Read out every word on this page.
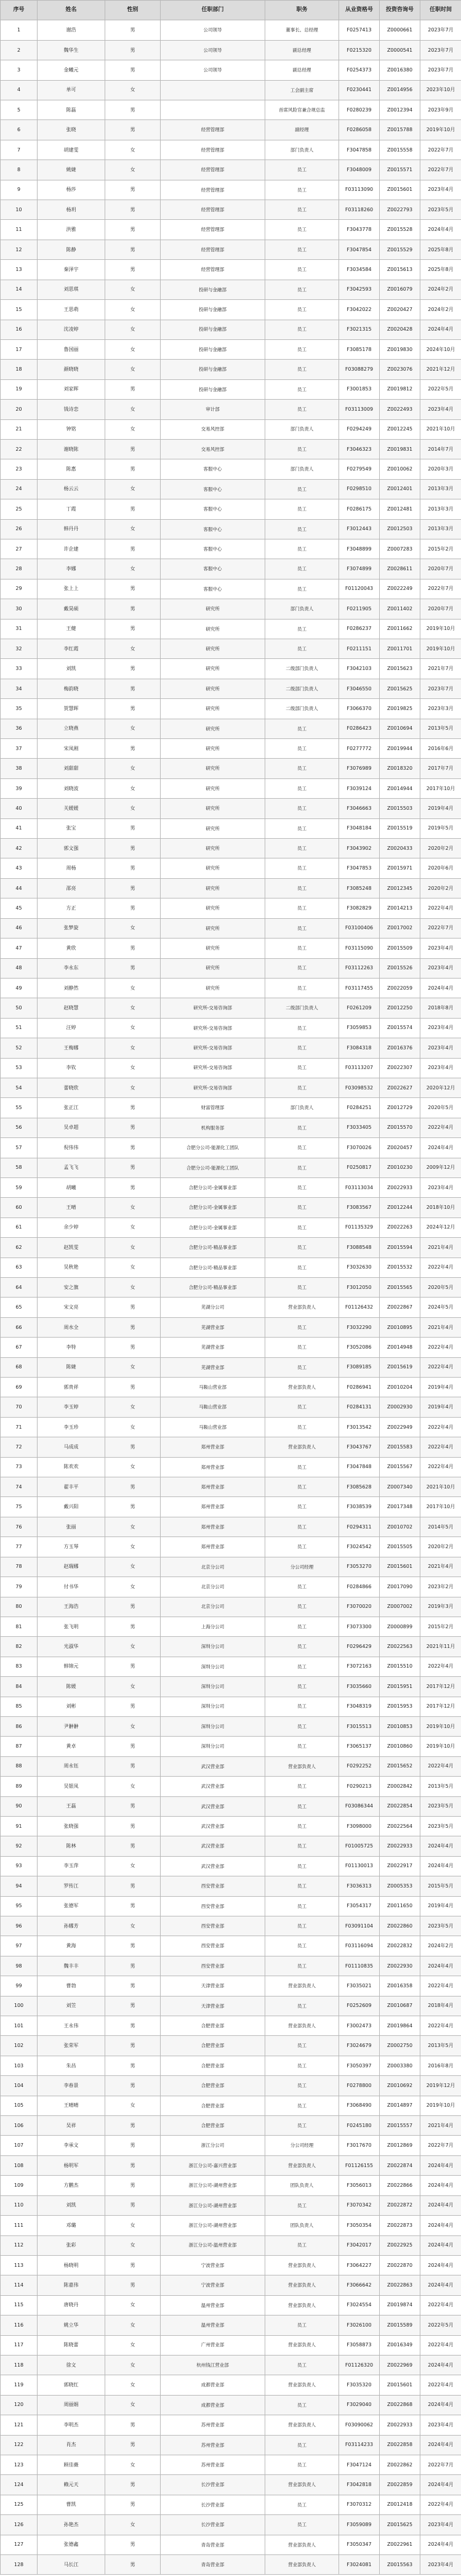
序号	姓名	性别	任职部门	职务	从业资格号	投资咨询号	任职时间
1	谢浩	男	公司领导	董事长、总经理	F0257413	Z0000661	2023年7月
2	魏华生	男	公司领导	副总经理	F0215320	Z0000541	2023年7月
3	金曦元	男	公司领导	副总经理	F0254373	Z0016380	2023年7月
4	单可	女		工会副主席	F0230441	Z0014956	2023年10月
5	陈磊	男		首席风险官兼合规总监	F0280239	Z0012394	2023年9月
6	张晓	男	经营管理部	副经理	F0286058	Z0015788	2019年10月
7	胡建雯	女	经营管理部	部门负责人	F3047858	Z0015558	2022年7月
8	姚婕	女	经营管理部	员工	F3048009	Z0015571	2022年7月
9	杨莎	男	经营管理部	员工	F03113090	Z0015601	2023年4月
10	杨玥	男	经营管理部	员工	F03118260	Z0022793	2023年5月
11	洪雅	男	经营管理部	员工	F3043778	Z0015528	2024年4月
12	陈静	男	经营管理部	员工	F3047854	Z0015529	2025年8月
13	秦泽宇	男	经营管理部	员工	F3034584	Z0015613	2025年8月
14	刘思琪	女	投研与金融部	员工	F3042593	Z0016079	2024年2月
15	王思萌	女	投研与金融部	员工	F3042022	Z0020427	2024年2月
16	沈凌婷	女	投研与金融部	员工	F3021315	Z0020428	2024年4月
17	鲁国丽	女	投研与金融部	员工	F3085178	Z0019830	2024年10月
18	颜晓晓	女	投研与金融部	员工	F03088279	Z0023076	2021年12月
19	刘家晖	男	投研与金融部	员工	F3001853	Z0019812	2022年5月
20	钱诗恋	女	审计部	员工	F03113009	Z0022493	2023年4月
21	钟铭	女	交易风控部	部门负责人	F0294249	Z0012245	2021年10月
22	谢晓陈	男	交易风控部	员工	F3046323	Z0019831	2014年7月
23	陈惠	男	客服中心	部门负责人	F0279549	Z0010062	2020年3月
24	杨云云	女	客服中心	员工	F0298510	Z0012401	2013年3月
25	丁霞	男	客服中心	员工	F0286175	Z0012481	2013年3月
26	韩丹丹	女	客服中心	员工	F3012443	Z0012503	2013年3月
27	许企建	男	客服中心	员工	F3048899	Z0007283	2015年2月
28	李娜	女	客服中心	员工	F3074899	Z0028611	2020年7月
29	张上上	男	客服中心	员工	F01120043	Z0022249	2022年7月
30	戴昊硕	男	研究所	部门负责人	F0211905	Z0011402	2020年7月
31	王健	男	研究所	员工	F0286237	Z0011662	2019年10月
32	李红霞	女	研究所	员工	F0211151	Z0011701	2019年10月
33	刘凯	男	研究所	二级部门负责人	F3042103	Z0015623	2021年7月
34	梅韵晓	男	研究所	二级部门负责人	F3046550	Z0015625	2023年7月
35	贺慧晖	男	研究所	二级部门负责人	F3066370	Z0019825	2023年3月
36	立晓燕	女	研究所	员工	F0286423	Z0010694	2013年5月
37	宋凤刚	男	研究所	员工	F0277772	Z0019944	2016年6月
38	刘甜甜	女	研究所	员工	F3076989	Z0018320	2017年7月
39	刘晓波	女	研究所	员工	F3039124	Z0014944	2017年10月
40	关媛媛	女	研究所	员工	F3046663	Z0015503	2019年4月
41	张宝	男	研究所	员工	F3048184	Z0015519	2019年5月
42	郭文强	男	研究所	员工	F3043902	Z0020433	2020年2月
43	周杨	男	研究所	员工	F3047853	Z0015971	2020年6月
44	邵亮	男	研究所	员工	F3085248	Z0012345	2020年2月
45	方正	男	研究所	员工	F3082829	Z0014213	2022年4月
46	张梦旋	女	研究所	员工	F03100406	Z0017002	2022年7月
47	黄欣	男	研究所	员工	F03115090	Z0015509	2023年4月
48	李永东	男	研究所	员工	F03112263	Z0015526	2023年4月
49	刘静然	女	研究所	员工	F03117455	Z0022059	2024年4月
50	赵晓慧	女	研究所-交易咨询部	二级部门负责人	F0261209	Z0012250	2018年8月
51	汪婷	女	研究所-交易咨询部	员工	F3059853	Z0015574	2023年4月
52	王梅娜	女	研究所-交易咨询部	员工	F3084318	Z0016376	2023年4月
53	李钦	女	研究所-交易咨询部	员工	F03113207	Z0022307	2023年4月
54	蕾晓欣	女	研究所-交易咨询部	员工	F03098532	Z0022627	2020年12月
55	张正江	男	财富管理部	部门负责人	F0284251	Z0012729	2020年5月
56	吴卓超	男	机构服务部	员工	F3033405	Z0015570	2022年4月
57	倪伟伟	男	合肥分公司-能源化工团队	员工	F3070026	Z0020457	2024年4月
58	孟飞飞	男	合肥分公司-能源化工团队	员工	F0250817	Z0010230	2009年12月
59	胡曦	男	合肥分公司-金属事业部	员工	F03113034	Z0022933	2023年4月
60	王晴	女	合肥分公司-金属事业部	员工	F3083567	Z0012244	2018年10月
61	余少婷	女	合肥分公司-金属事业部	员工	F01135329	Z0022263	2024年12月
62	赵凯雯	女	合肥分公司-精品事业部	员工	F3088548	Z0015594	2021年4月
63	吴秋艳	女	合肥分公司-精品事业部	员工	F3032630	Z0015532	2022年4月
64	安之旗	女	合肥分公司-精品事业部	员工	F3012050	Z0015565	2020年5月
65	宋文亮	男	芜湖分公司	营业部负责人	F01126432	Z0022867	2024年5月
66	周水全	男	芜湖营业部	员工	F3032290	Z0010895	2021年4月
67	李特	男	芜湖营业部	员工	F3052086	Z0014948	2022年4月
68	陈婕	女	芜湖营业部	员工	F3089185	Z0015619	2022年4月
69	郭贵祥	男	马鞍山营业部	营业部负责人	F0286941	Z0010204	2019年4月
70	李玉婷	女	马鞍山营业部	员工	F0284131	Z0002930	2019年4月
71	李玉珍	女	马鞍山营业部	员工	F3013542	Z0022949	2022年4月
72	马成成	男	郑州营业部	营业部负责人	F3043767	Z0015583	2022年4月
73	陈欢欢	女	郑州营业部	员工	F3047848	Z0015567	2022年4月
74	翟丰平	男	郑州营业部	员工	F3085628	Z0007340	2021年10月
75	戴兴阳	男	郑州营业部	员工	F3038539	Z0017348	2017年10月
76	张丽	女	郑州营业部	员工	F0294311	Z0010702	2014年5月
77	方玉琴	女	郑州营业部	员工	F3024542	Z0015505	2020年2月
78	赵瑞娜	女	北京分公司	分公司经理	F3053270	Z0015601	2021年4月
79	付书华	女	北京分公司	员工	F0284866	Z0017090	2023年2月
80	王海浩	男	北京分公司	员工	F3070020	Z0007002	2019年3月
81	张飞明	男	上海分公司	员工	F3073300	Z0000899	2015年2月
82	光淑华	女	深圳分公司	员工	F0296429	Z0022563	2021年11月
83	韩锦元	男	深圳分公司	员工	F3072163	Z0015510	2022年4月
84	陈媛	女	深圳分公司	员工	F3035660	Z0015951	2017年12月
85	刘彬	男	深圳分公司	员工	F3048319	Z0015953	2017年12月
86	尹翀翀	女	深圳分公司	员工	F3015513	Z0010853	2019年10月
87	黄卓	男	深圳分公司	员工	F3065137	Z0010860	2019年10月
88	周永钰	男	武汉营业部	营业部负责人	F0292252	Z0015652	2022年4月
89	吴银凤	女	武汉营业部	员工	F0290213	Z0002842	2013年5月
90	王磊	男	武汉营业部	员工	F03086344	Z0022854	2023年5月
91	张晓强	男	武汉营业部	员工	F3098000	Z0022564	2023年5月
92	陈林	男	武汉营业部	员工	F01005725	Z0022933	2024年4月
93	李玉萍	女	武汉营业部	员工	F01130013	Z0022917	2024年4月
94	罗传江	男	西安营业部	员工	F3036313	Z0005353	2015年5月
95	张德军	男	西安营业部	员工	F3054317	Z0011650	2019年4月
96	孙娜芳	女	西安营业部	员工	F03091104	Z0022860	2023年5月
97	黄海	男	西安营业部	员工	F03116094	Z0022832	2024年2月
98	魏丰丰	男	西安营业部	员工	F01110835	Z0022930	2024年4月
99	曹勃	男	天津营业部	营业部负责人	F3035021	Z0016358	2022年4月
100	刘笠	男	天津营业部	员工	F0252609	Z0010687	2018年4月
101	王永伟	男	合肥营业部	营业部负责人	F3002473	Z0019864	2022年4月
102	张荣军	男	合肥营业部	员工	F3024679	Z0002750	2013年5月
103	朱昌	男	合肥营业部	员工	F3050397	Z0003380	2016年8月
104	李春景	男	合肥营业部	员工	F0278800	Z0010692	2019年12月
105	王晴晴	女	合肥营业部	员工	F3068490	Z0014897	2019年10月
106	吴祥	男	合肥营业部	员工	F0245180	Z0015557	2021年4月
107	李承文	男	浙江分公司	分公司经理	F3017670	Z0012869	2022年7月
108	杨明军	男	浙江分公司-嘉兴营业部	营业部负责人	F01126155	Z0022874	2024年4月
109	方鹏杰	男	浙江分公司-湖州营业部	团队负责人	F3056013	Z0022866	2024年4月
110	刘凯	男	浙江分公司-湖州营业部	员工	F3070342	Z0022872	2024年4月
111	邓璐	女	浙江分公司-湖州营业部	团队负责人	F3050354	Z0022873	2024年4月
112	张彩	女	浙江分公司-温州营业部	员工	F3042017	Z0022925	2024年4月
113	杨晓明	男	宁波营业部	营业部负责人	F3064227	Z0022870	2024年4月
114	陈嘉伟	男	宁波营业部	营业部负责人	F3066642	Z0022863	2024年4月
115	唐晓丹	女	温州营业部	营业部负责人	F3024554	Z0019874	2022年4月
116	姚立华	女	温州营业部	员工	F3026100	Z0015589	2022年5月
117	陈晓蕾	女	广州营业部	营业部负责人	F3058873	Z0016349	2022年4月
118	徐文	女	杭州钱江营业部	员工	F01126320	Z0022969	2024年4月
119	郭晓红	女	成都营业部	营业部负责人	F3035320	Z0015601	2022年4月
120	周丽娟	女	成都营业部	员工	F3029040	Z0022868	2024年4月
121	李明杰	男	苏州营业部	营业部负责人	F03090062	Z0022933	2023年4月
122	肖杰	男	苏州营业部	员工	F03114233	Z0022858	2024年4月
123	顾佳薇	女	苏州营业部	员工	F3047124	Z0022862	2022年7月
124	赖元天	男	长沙营业部	营业部负责人	F3042818	Z0022859	2024年4月
125	曹凯	男	长沙营业部	员工	F3070312	Z0012418	2022年4月
126	孙艳杰	女	长沙营业部	员工	F3059089	Z0015625	2023年4月
127	张德鑫	男	青岛营业部	营业部负责人	F3050347	Z0022961	2024年4月
128	马长江	男	青岛营业部	营业部负责人	F3024081	Z0015563	2023年4月
